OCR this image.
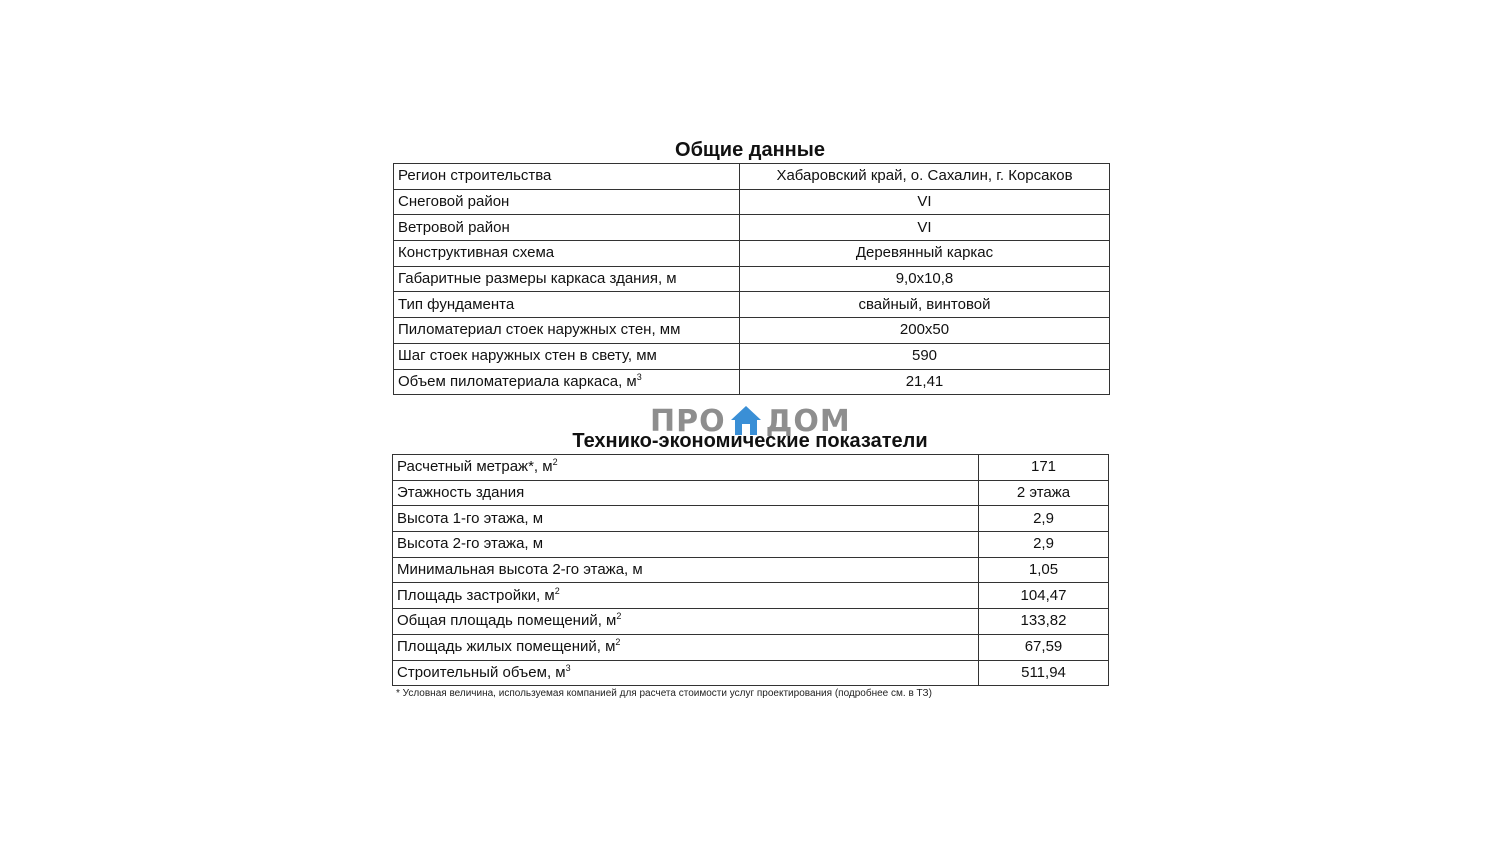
Общие данные
Регион строительства	Хабаровский край, о. Сахалин, г. Корсаков
Снеговой район	VI
Ветровой район	VI
Конструктивная схема	Деревянный каркас
Габаритные размеры каркаса здания, м	9,0х10,8
Тип фундамента	свайный, винтовой
Пиломатериал стоек наружных стен, мм	200х50
Шаг стоек наружных стен в свету, мм	590
Объем пиломатериала каркаса, $м^3$	21,41
ПРО ДОМ
Технико-экономические показатели
Расчетный метраж*, $м^2$	171
Этажность здания	2 этажа
Высота 1-го этажа, м	2,9
Высота 2-го этажа, м	2,9
Минимальная высота 2-го этажа, м	1,05
Площадь застройки, $м^2$	104,47
Общая площадь помещений, $м^2$	133,82
Площадь жилых помещений, $м^2$	67,59
Строительный объем, $м^3$	511,94
* Условная величина, используемая компанией для расчета стоимости услуг проектирования (подробнее см. в ТЗ)
